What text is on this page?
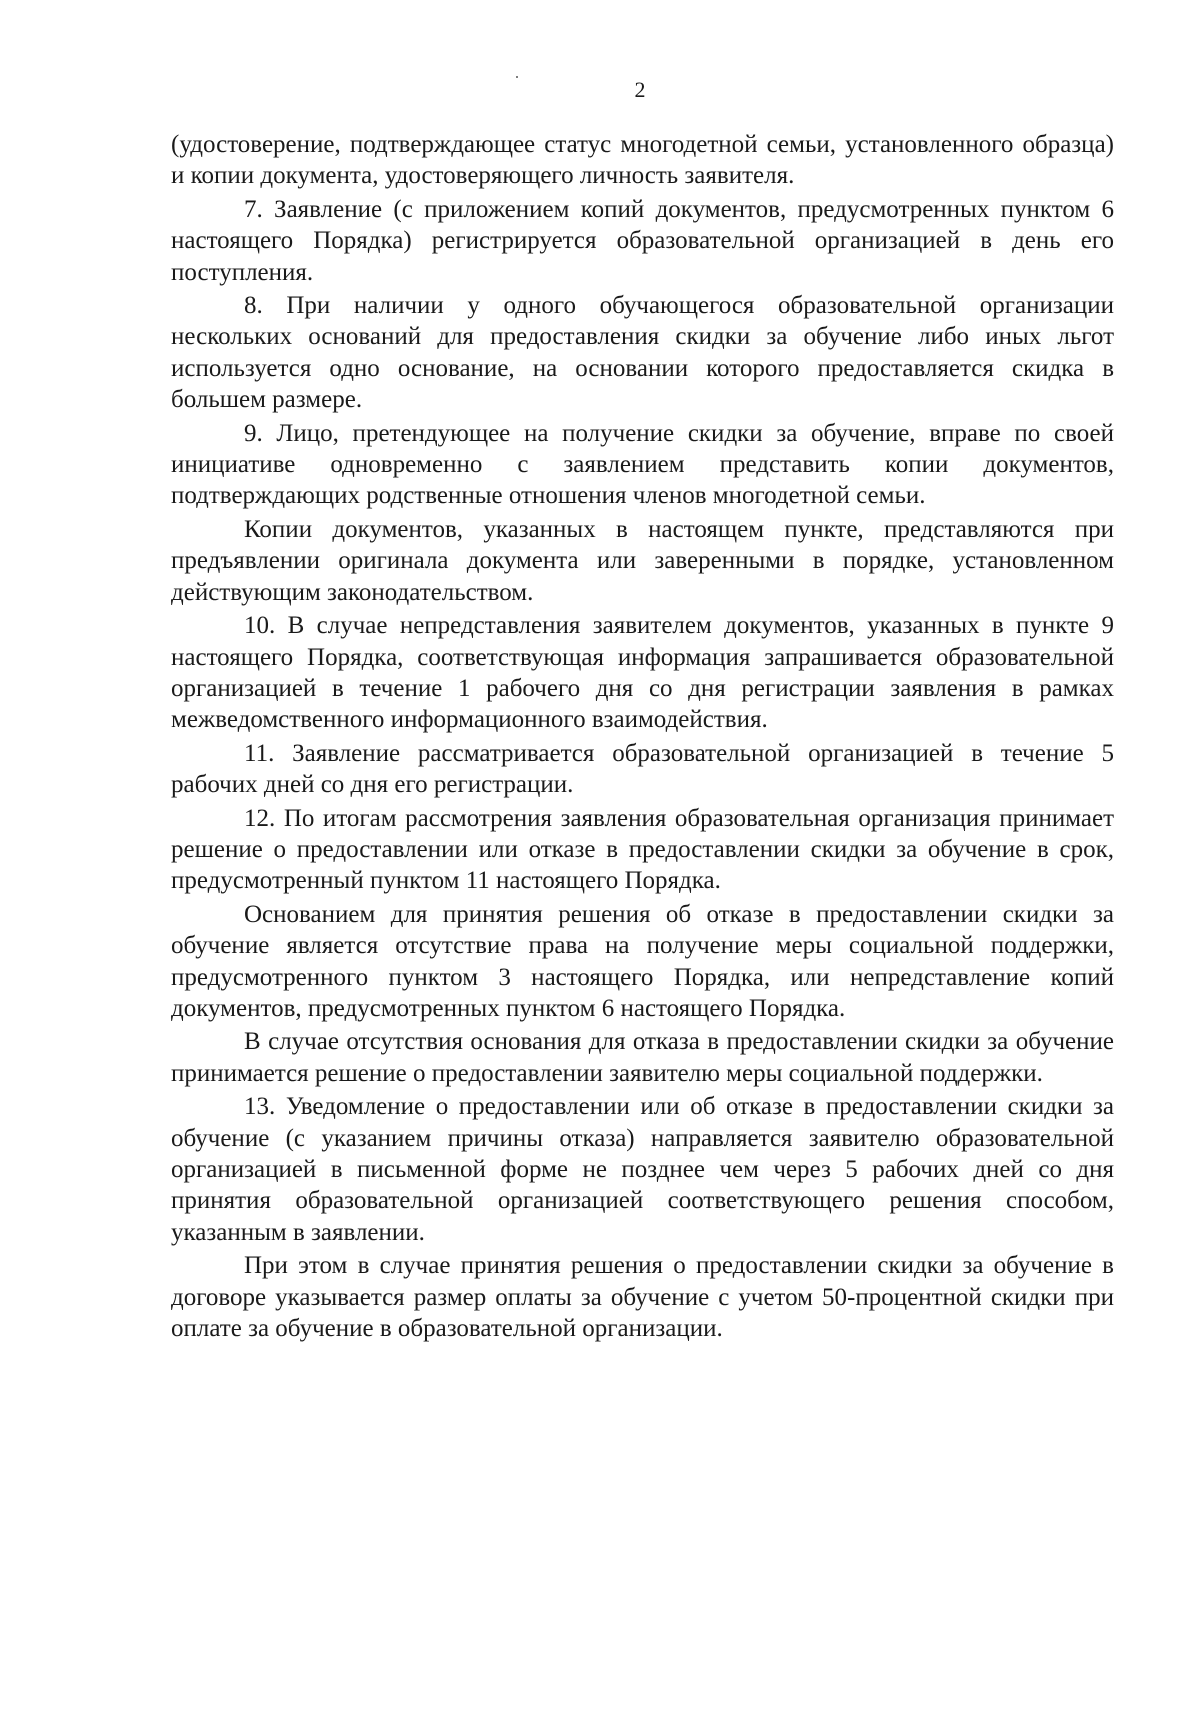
2

(удостоверение, подтверждающее статус многодетной семьи, установленного образца) и копии документа, удостоверяющего личность заявителя.

7. Заявление (с приложением копий документов, предусмотренных пунктом 6 настоящего Порядка) регистрируется образовательной организацией в день его поступления.

8. При наличии у одного обучающегося образовательной организации нескольких оснований для предоставления скидки за обучение либо иных льгот используется одно основание, на основании которого предоставляется скидка в большем размере.

9. Лицо, претендующее на получение скидки за обучение, вправе по своей инициативе одновременно с заявлением представить копии документов, подтверждающих родственные отношения членов многодетной семьи.

Копии документов, указанных в настоящем пункте, представляются при предъявлении оригинала документа или заверенными в порядке, установленном действующим законодательством.

10. В случае непредставления заявителем документов, указанных в пункте 9 настоящего Порядка, соответствующая информация запрашивается образовательной организацией в течение 1 рабочего дня со дня регистрации заявления в рамках межведомственного информационного взаимодействия.

11. Заявление рассматривается образовательной организацией в течение 5 рабочих дней со дня его регистрации.

12. По итогам рассмотрения заявления образовательная организация принимает решение о предоставлении или отказе в предоставлении скидки за обучение в срок, предусмотренный пунктом 11 настоящего Порядка.

Основанием для принятия решения об отказе в предоставлении скидки за обучение является отсутствие права на получение меры социальной поддержки, предусмотренного пунктом 3 настоящего Порядка, или непредставление копий документов, предусмотренных пунктом 6 настоящего Порядка.

В случае отсутствия основания для отказа в предоставлении скидки за обучение принимается решение о предоставлении заявителю меры социальной поддержки.

13. Уведомление о предоставлении или об отказе в предоставлении скидки за обучение (с указанием причины отказа) направляется заявителю образовательной организацией в письменной форме не позднее чем через 5 рабочих дней со дня принятия образовательной организацией соответствующего решения способом, указанным в заявлении.

При этом в случае принятия решения о предоставлении скидки за обучение в договоре указывается размер оплаты за обучение с учетом 50-процентной скидки при оплате за обучение в образовательной организации.
